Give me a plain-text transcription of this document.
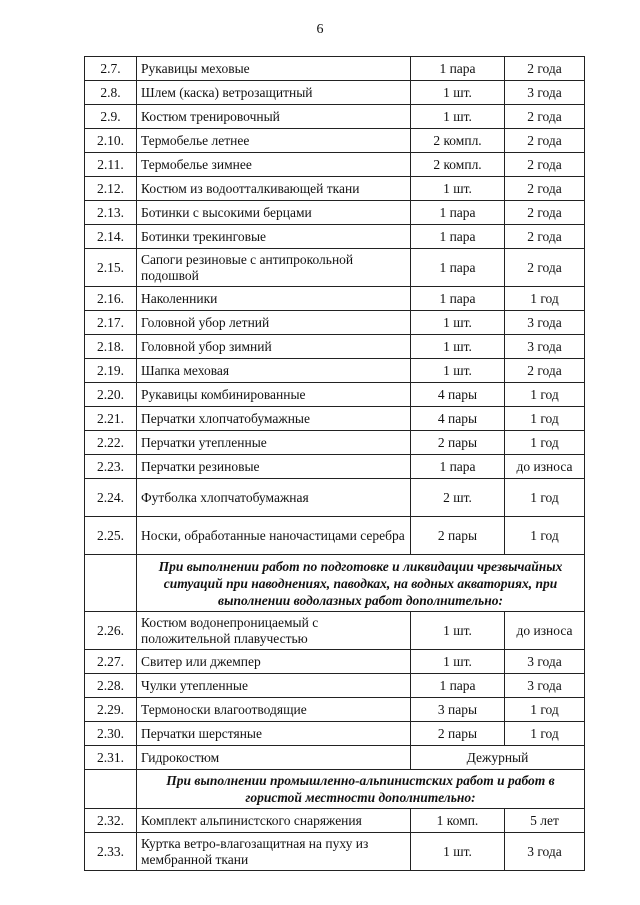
6
2.7.	Рукавицы меховые	1 пара	2 года
2.8.	Шлем (каска) ветрозащитный	1 шт.	3 года
2.9.	Костюм тренировочный	1 шт.	2 года
2.10.	Термобелье летнее	2 компл.	2 года
2.11.	Термобелье зимнее	2 компл.	2 года
2.12.	Костюм из водоотталкивающей ткани	1 шт.	2 года
2.13.	Ботинки с высокими берцами	1 пара	2 года
2.14.	Ботинки трекинговые	1 пара	2 года
2.15.	Сапоги резиновые с антипрокольной подошвой	1 пара	2 года
2.16.	Наколенники	1 пара	1 год
2.17.	Головной убор летний	1 шт.	3 года
2.18.	Головной убор зимний	1 шт.	3 года
2.19.	Шапка меховая	1 шт.	2 года
2.20.	Рукавицы комбинированные	4 пары	1 год
2.21.	Перчатки хлопчатобумажные	4 пары	1 год
2.22.	Перчатки утепленные	2 пары	1 год
2.23.	Перчатки резиновые	1 пара	до износа
2.24.	Футболка хлопчатобумажная	2 шт.	1 год
2.25.	Носки, обработанные наночастицами серебра	2 пары	1 год
	При выполнении работ по подготовке и ликвидации чрезвычайных ситуаций при наводнениях, паводках, на водных акваториях, при выполнении водолазных работ дополнительно:		
2.26.	Костюм водонепроницаемый с положительной плавучестью	1 шт.	до износа
2.27.	Свитер или джемпер	1 шт.	3 года
2.28.	Чулки утепленные	1 пара	3 года
2.29.	Термоноски влагоотводящие	3 пары	1 год
2.30.	Перчатки шерстяные	2 пары	1 год
2.31.	Гидрокостюм	Дежурный	
	При выполнении промышленно-альпинистских работ и работ в гористой местности дополнительно:		
2.32.	Комплект альпинистского снаряжения	1 комп.	5 лет
2.33.	Куртка ветро-влагозащитная на пуху из мембранной ткани	1 шт.	3 года
